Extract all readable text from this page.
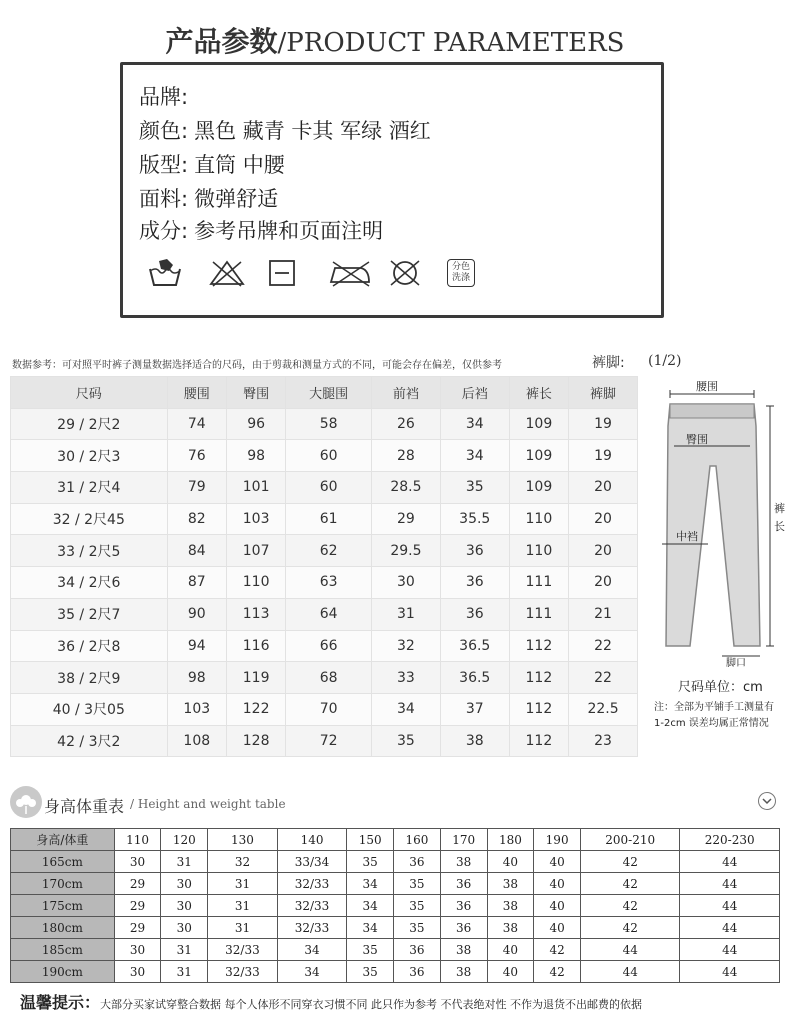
产品参数/PRODUCT PARAMETERS
品牌:
颜色: 黑色 藏青 卡其 军绿 酒红
版型: 直筒 中腰
面料: 微弹舒适
成分: 参考吊牌和页面注明
分色
洗涤
数据参考：可对照平时裤子测量数据选择适合的尺码，由于剪裁和测量方式的不同，可能会存在偏差，仅供参考	裤脚: (1/2)
尺码	腰围	臀围	大腿围	前裆	后裆	裤长	裤脚
29 / 2尺2	74	96	58	26	34	109	19
30 / 2尺3	76	98	60	28	34	109	19
31 / 2尺4	79	101	60	28.5	35	109	20
32 / 2尺45	82	103	61	29	35.5	110	20
33 / 2尺5	84	107	62	29.5	36	110	20
34 / 2尺6	87	110	63	30	36	111	20
35 / 2尺7	90	113	64	31	36	111	21
36 / 2尺8	94	116	66	32	36.5	112	22
38 / 2尺9	98	119	68	33	36.5	112	22
40 / 3尺05	103	122	70	34	37	112	22.5
42 / 3尺2	108	128	72	35	38	112	23
腰围
臀围
裤
长
中裆
脚口
尺码单位：cm
注：全部为平铺手工测量有 1-2cm 误差均属正常情况
身高体重表 / Height and weight table
身高/体重	110	120	130	140	150	160	170	180	190	200-210	220-230
165cm	30	31	32	33/34	35	36	38	40	40	42	44
170cm	29	30	31	32/33	34	35	36	38	40	42	44
175cm	29	30	31	32/33	34	35	36	38	40	42	44
180cm	29	30	31	32/33	34	35	36	38	40	42	44
185cm	30	31	32/33	34	35	36	38	40	42	44	44
190cm	30	31	32/33	34	35	36	38	40	42	44	44
温馨提示：大部分买家试穿整合数据 每个人体形不同穿衣习惯不同 此只作为参考 不代表绝对性 不作为退货不出邮费的依据
